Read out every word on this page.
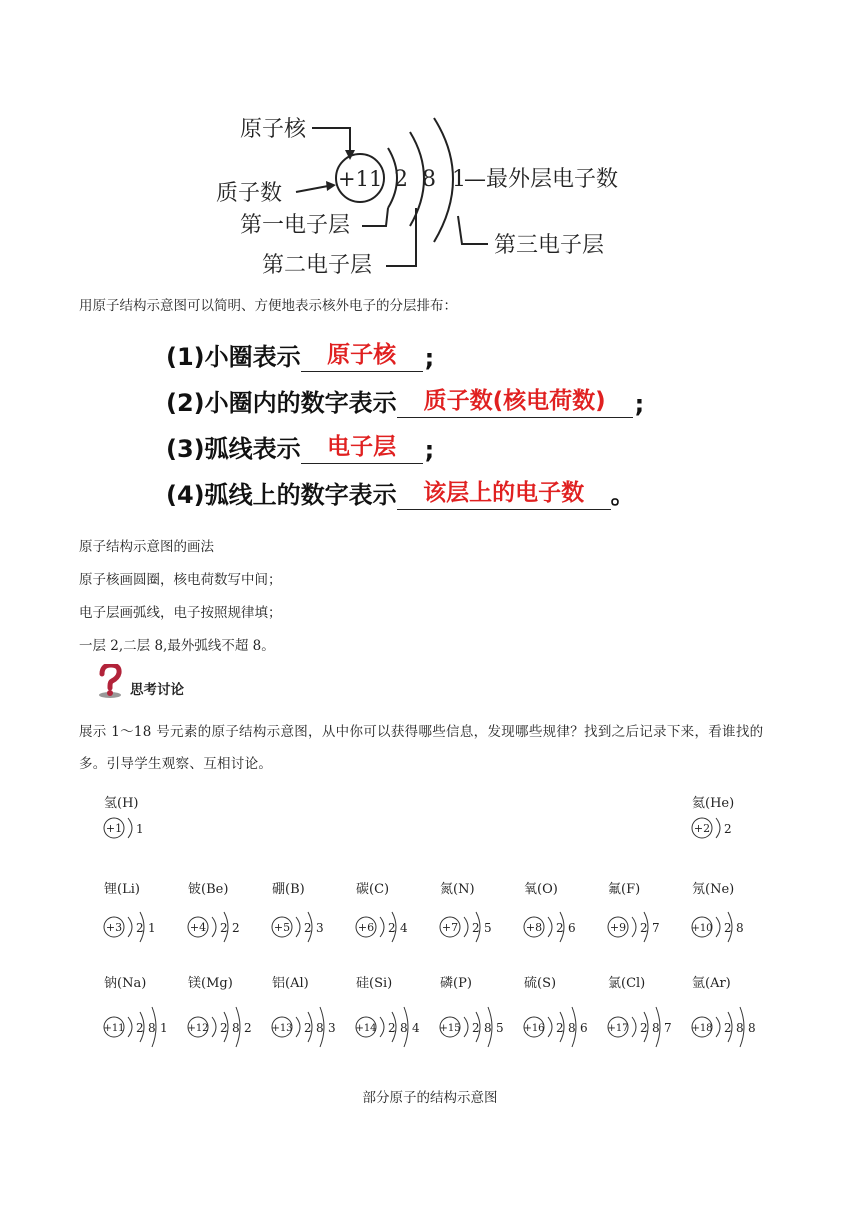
原子核
+11
质子数
2 8 1
—最外层电子数
第一电子层
第二电子层
第三电子层
用原子结构示意图可以简明、方便地表示核外电子的分层排布：
(1)小圈表示	原子核	;
(2)小圈内的数字表示	质子数(核电荷数)	;
(3)弧线表示	电子层	;
(4)弧线上的数字表示	该层上的电子数	。
原子结构示意图的画法
原子核画圆圈，核电荷数写中间；
电子层画弧线，电子按照规律填；
一层 2,二层 8,最外弧线不超 8。
思考讨论
展示 1～18 号元素的原子结构示意图，从中你可以获得哪些信息，发现哪些规律？找到之后记录下来，看谁找的多。引导学生观察、互相讨论。
氢(H)
+1 1
氦(He)
+2 2
锂(Li)
+3 2 1
铍(Be)
+4 2 2
硼(B)
+5 2 3
碳(C)
+6 2 4
氮(N)
+7 2 5
氧(O)
+8 2 6
氟(F)
+9 2 7
氖(Ne)
+10 2 8
钠(Na)
+11 2 8 1
镁(Mg)
+12 2 8 2
铝(Al)
+13 2 8 3
硅(Si)
+14 2 8 4
磷(P)
+15 2 8 5
硫(S)
+16 2 8 6
氯(Cl)
+17 2 8 7
氩(Ar)
+18 2 8 8
部分原子的结构示意图
